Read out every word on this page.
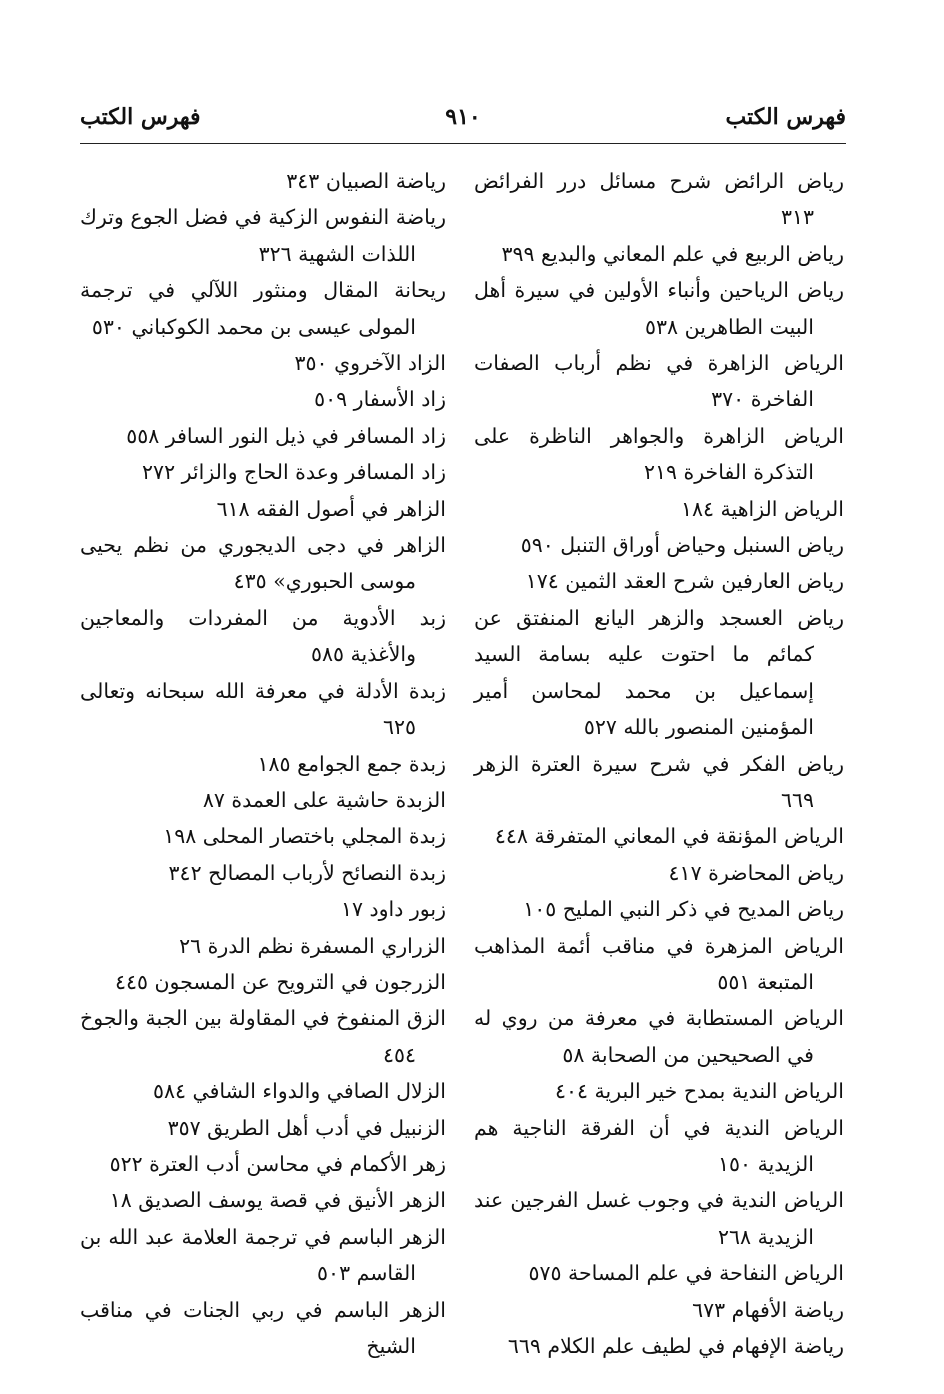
فهرس الكتب
٩١٠
فهرس الكتب

رياض الرائض شرح مسائل درر الفرائض ٣١٣

رياض الربيع في علم المعاني والبديع ٣٩٩

رياض الرياحين وأنباء الأولين في سيرة أهل البيت الطاهرين ٥٣٨

الرياض الزاهرة في نظم أرباب الصفات الفاخرة ٣٧٠

الرياض الزاهرة والجواهر الناظرة على التذكرة الفاخرة ٢١٩

الرياض الزاهية ١٨٤

رياض السنبل وحياض أوراق التنبل ٥٩٠

رياض العارفين شرح العقد الثمين ١٧٤

رياض العسجد والزهر اليانع المنفتق عن كمائم ما احتوت عليه بسامة السيد إسماعيل بن محمد لمحاسن أمير المؤمنين المنصور بالله ٥٢٧

رياض الفكر في شرح سيرة العترة الزهر ٦٦٩

الرياض المؤنقة في المعاني المتفرقة ٤٤٨

رياض المحاضرة ٤١٧

رياض المديح في ذكر النبي المليح ١٠٥

الرياض المزهرة في مناقب أئمة المذاهب المتبعة ٥٥١

الرياض المستطابة في معرفة من روي له في الصحيحين من الصحابة ٥٨

الرياض الندية بمدح خير البرية ٤٠٤

الرياض الندية في أن الفرقة الناجية هم الزيدية ١٥٠

الرياض الندية في وجوب غسل الفرجين عند الزيدية ٢٦٨

الرياض النفاحة في علم المساحة ٥٧٥

رياضة الأفهام ٦٧٣

رياضة الإفهام في لطيف علم الكلام ٦٦٩

رياضة الصبيان ٣٤٣

رياضة النفوس الزكية في فضل الجوع وترك اللذات الشهية ٣٢٦

ريحانة المقال ومنثور اللآلي في ترجمة المولى عيسى بن محمد الكوكباني ٥٣٠

الزاد الآخروي ٣٥٠

زاد الأسفار ٥٠٩

زاد المسافر في ذيل النور السافر ٥٥٨

زاد المسافر وعدة الحاج والزائر ٢٧٢

الزاهر في أصول الفقه ٦١٨

الزاهر في دجى الديجوري من نظم يحيى موسى الحبوري» ٤٣٥

زبد الأدوية من المفردات والمعاجين والأغذية ٥٨٥

زبدة الأدلة في معرفة الله سبحانه وتعالى ٦٢٥

زبدة جمع الجوامع ١٨٥

الزبدة حاشية على العمدة ٨٧

زبدة المجلي باختصار المحلى ١٩٨

زبدة النصائح لأرباب المصالح ٣٤٢

زبور داود ١٧

الزراري المسفرة نظم الدرة ٢٦

الزرجون في الترويح عن المسجون ٤٤٥

الزق المنفوخ في المقاولة بين الجبة والجوخ ٤٥٤

الزلال الصافي والدواء الشافي ٥٨٤

الزنبيل في أدب أهل الطريق ٣٥٧

زهر الأكمام في محاسن أدب العترة ٥٢٢

الزهر الأنيق في قصة يوسف الصديق ١٨

الزهر الباسم في ترجمة العلامة عبد الله بن القاسم ٥٠٣

الزهر الباسم في ربي الجنات في مناقب الشيخ
